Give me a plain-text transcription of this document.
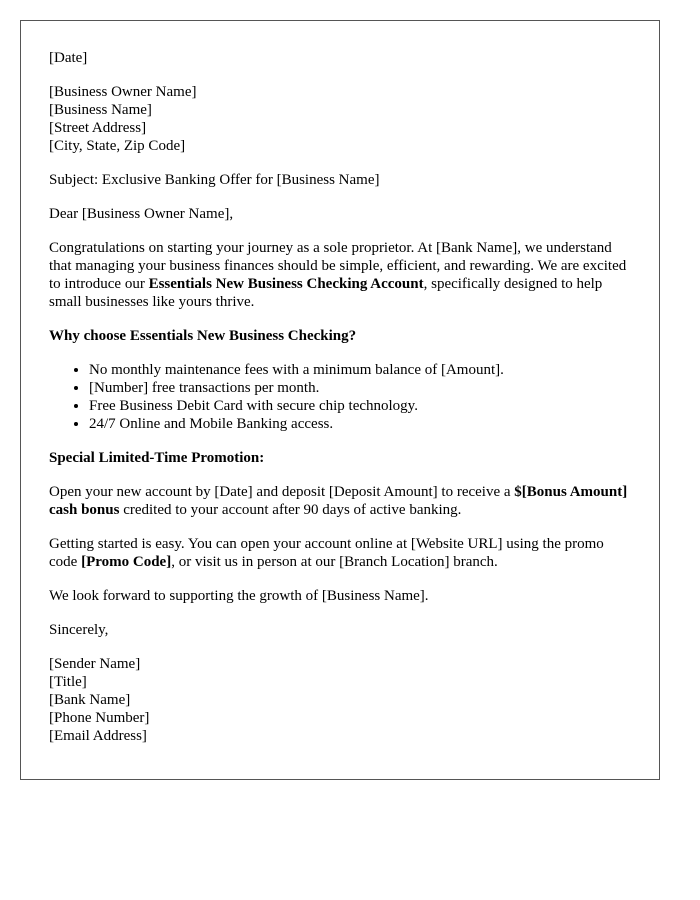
[Date]

[Business Owner Name]
[Business Name]
[Street Address]
[City, State, Zip Code]

Subject: Exclusive Banking Offer for [Business Name]

Dear [Business Owner Name],

Congratulations on starting your journey as a sole proprietor. At [Bank Name], we understand that managing your business finances should be simple, efficient, and rewarding. We are excited to introduce our Essentials New Business Checking Account, specifically designed to help small businesses like yours thrive.

Why choose Essentials New Business Checking?

• No monthly maintenance fees with a minimum balance of [Amount].
• [Number] free transactions per month.
• Free Business Debit Card with secure chip technology.
• 24/7 Online and Mobile Banking access.

Special Limited-Time Promotion:

Open your new account by [Date] and deposit [Deposit Amount] to receive a $[Bonus Amount] cash bonus credited to your account after 90 days of active banking.

Getting started is easy. You can open your account online at [Website URL] using the promo code [Promo Code], or visit us in person at our [Branch Location] branch.

We look forward to supporting the growth of [Business Name].

Sincerely,

[Sender Name]
[Title]
[Bank Name]
[Phone Number]
[Email Address]
